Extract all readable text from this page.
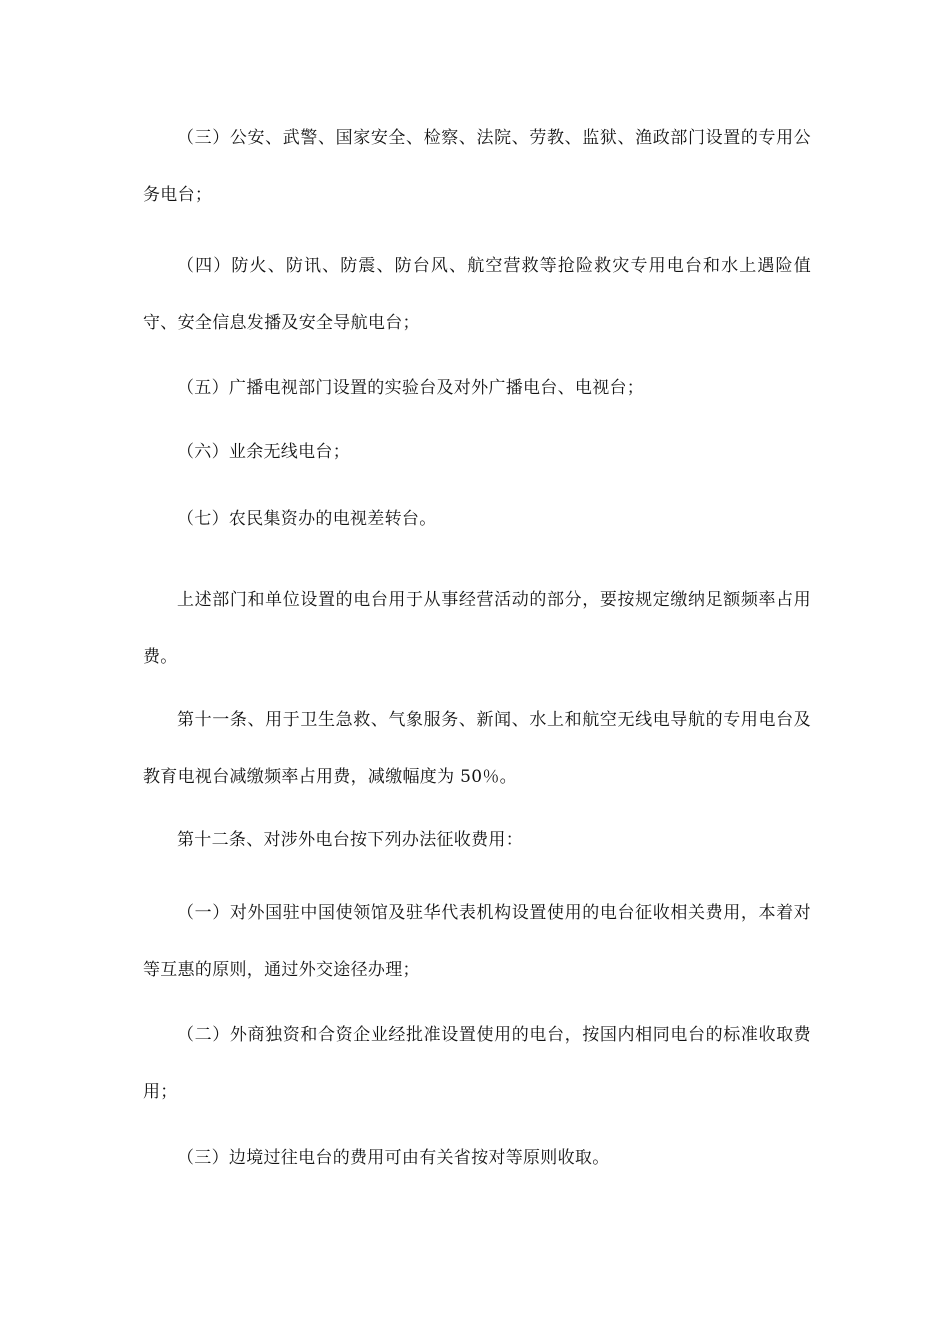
（三）公安、武警、国家安全、检察、法院、劳教、监狱、渔政部门设置的专用公务电台；

（四）防火、防讯、防震、防台风、航空营救等抢险救灾专用电台和水上遇险值守、安全信息发播及安全导航电台；

（五）广播电视部门设置的实验台及对外广播电台、电视台；

（六）业余无线电台；

（七）农民集资办的电视差转台。

上述部门和单位设置的电台用于从事经营活动的部分，要按规定缴纳足额频率占用费。

第十一条、用于卫生急救、气象服务、新闻、水上和航空无线电导航的专用电台及教育电视台减缴频率占用费，减缴幅度为 50％。

第十二条、对涉外电台按下列办法征收费用：

（一）对外国驻中国使领馆及驻华代表机构设置使用的电台征收相关费用，本着对等互惠的原则，通过外交途径办理；

（二）外商独资和合资企业经批准设置使用的电台，按国内相同电台的标准收取费用；

（三）边境过往电台的费用可由有关省按对等原则收取。
